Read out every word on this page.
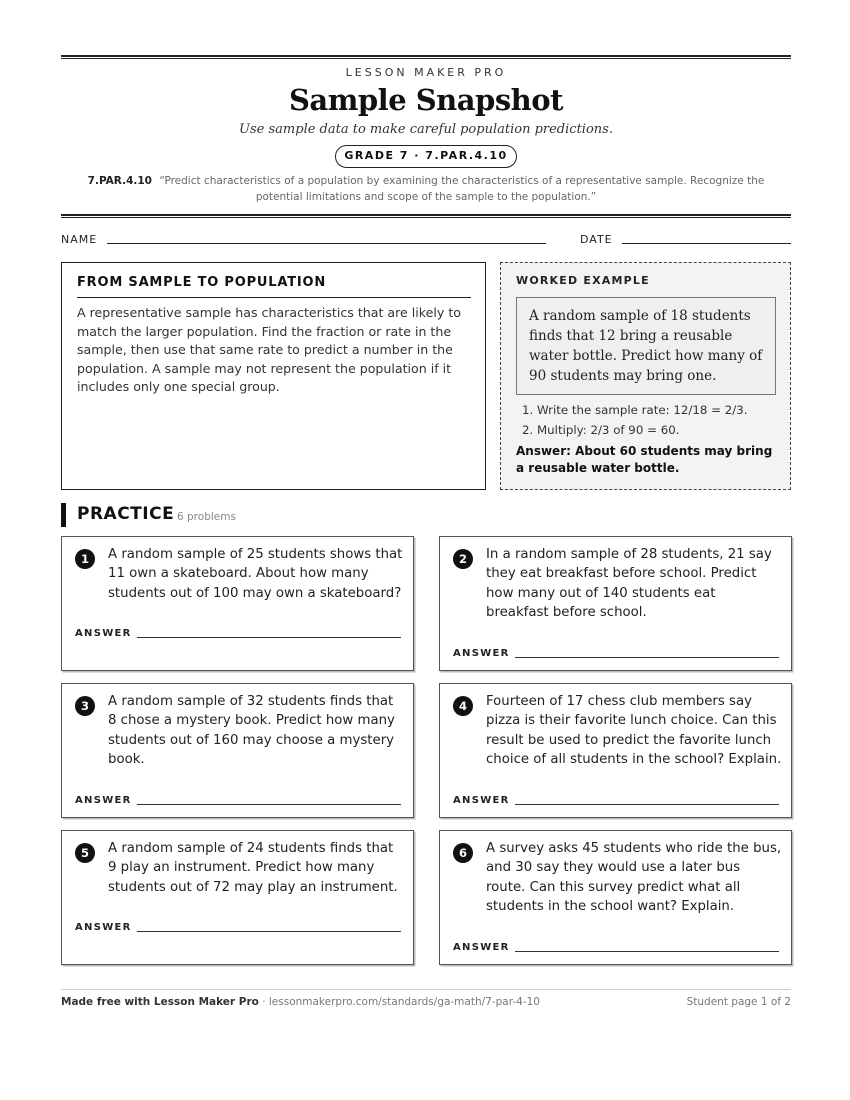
LESSON MAKER PRO
Sample Snapshot
Use sample data to make careful population predictions.
GRADE 7 · 7.PAR.4.10
7.PAR.4.10 “Predict characteristics of a population by examining the characteristics of a representative sample. Recognize the potential limitations and scope of the sample to the population.”
NAME	DATE
FROM SAMPLE TO POPULATION

A representative sample has characteristics that are likely to match the larger population. Find the fraction or rate in the sample, then use that same rate to predict a number in the population. A sample may not represent the population if it includes only one special group.

WORKED EXAMPLE
A random sample of 18 students finds that 12 bring a reusable water bottle. Predict how many of 90 students may bring one.
1. Write the sample rate: 12/18 = 2/3.
2. Multiply: 2/3 of 90 = 60.
Answer: About 60 students may bring a reusable water bottle.
PRACTICE 6 problems
1	A random sample of 25 students shows that 11 own a skateboard. About how many students out of 100 may own a skateboard?
ANSWER
2	In a random sample of 28 students, 21 say they eat breakfast before school. Predict how many out of 140 students eat breakfast before school.
ANSWER
3	A random sample of 32 students finds that 8 chose a mystery book. Predict how many students out of 160 may choose a mystery book.
ANSWER
4	Fourteen of 17 chess club members say pizza is their favorite lunch choice. Can this result be used to predict the favorite lunch choice of all students in the school? Explain.
ANSWER
5	A random sample of 24 students finds that 9 play an instrument. Predict how many students out of 72 may play an instrument.
ANSWER
6	A survey asks 45 students who ride the bus, and 30 say they would use a later bus route. Can this survey predict what all students in the school want? Explain.
ANSWER
Made free with Lesson Maker Pro · lessonmakerpro.com/standards/ga-math/7-par-4-10	Student page 1 of 2
